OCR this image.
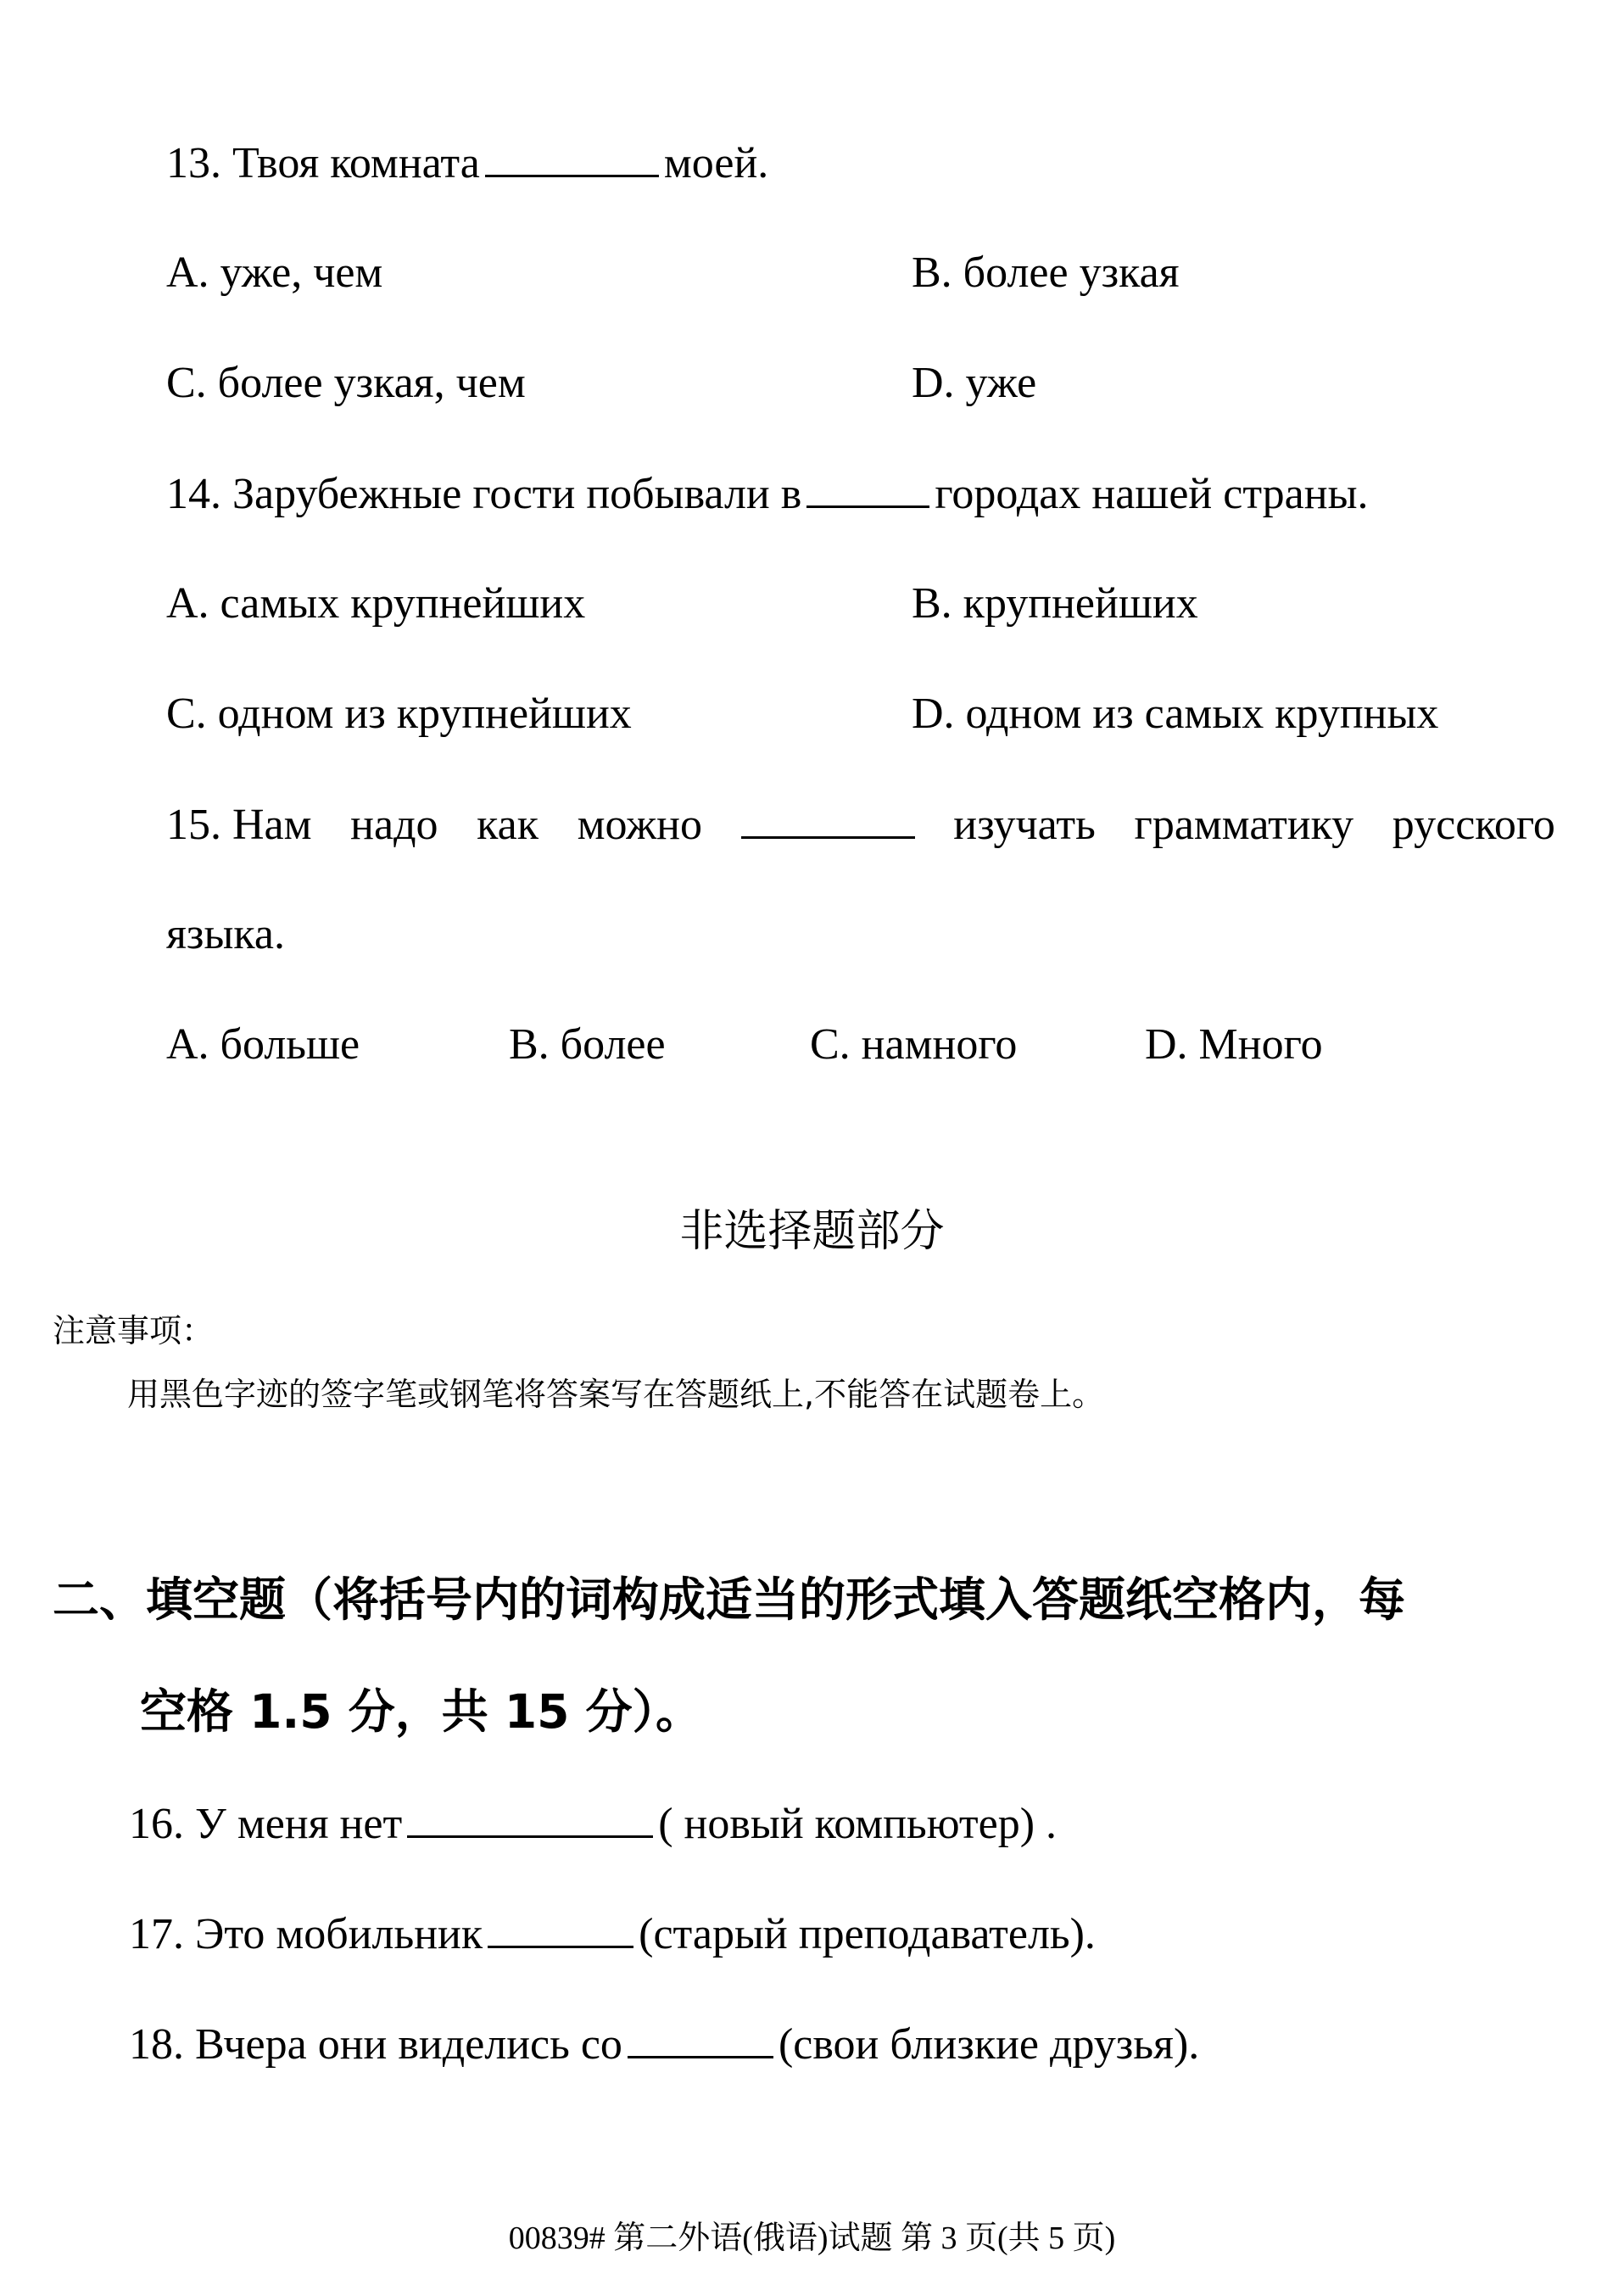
13. Твоя комната	моей.
A. уже, чем	B. более узкая
C. более узкая, чем	D. уже
14. Зарубежные гости побывали в	городах нашей страны.
A. самых крупнейших	B. крупнейших
C. одном из крупнейших	D. одном из самых крупных
15. Нам надо как можно	изучать грамматику русского
языка.
A. больше	B. более	C. намного	D. Много
非选择题部分
注意事项：
用黑色字迹的签字笔或钢笔将答案写在答题纸上,不能答在试题卷上。
二、填空题（将括号内的词构成适当的形式填入答题纸空格内，每
空格 1.5 分，共 15 分）。
16. У меня нет	( новый компьютер) .
17. Это мобильник	(старый преподаватель).
18. Вчера они виделись со	(свои близкие друзья).
00839# 第二外语(俄语)试题 第 3 页(共 5 页)
